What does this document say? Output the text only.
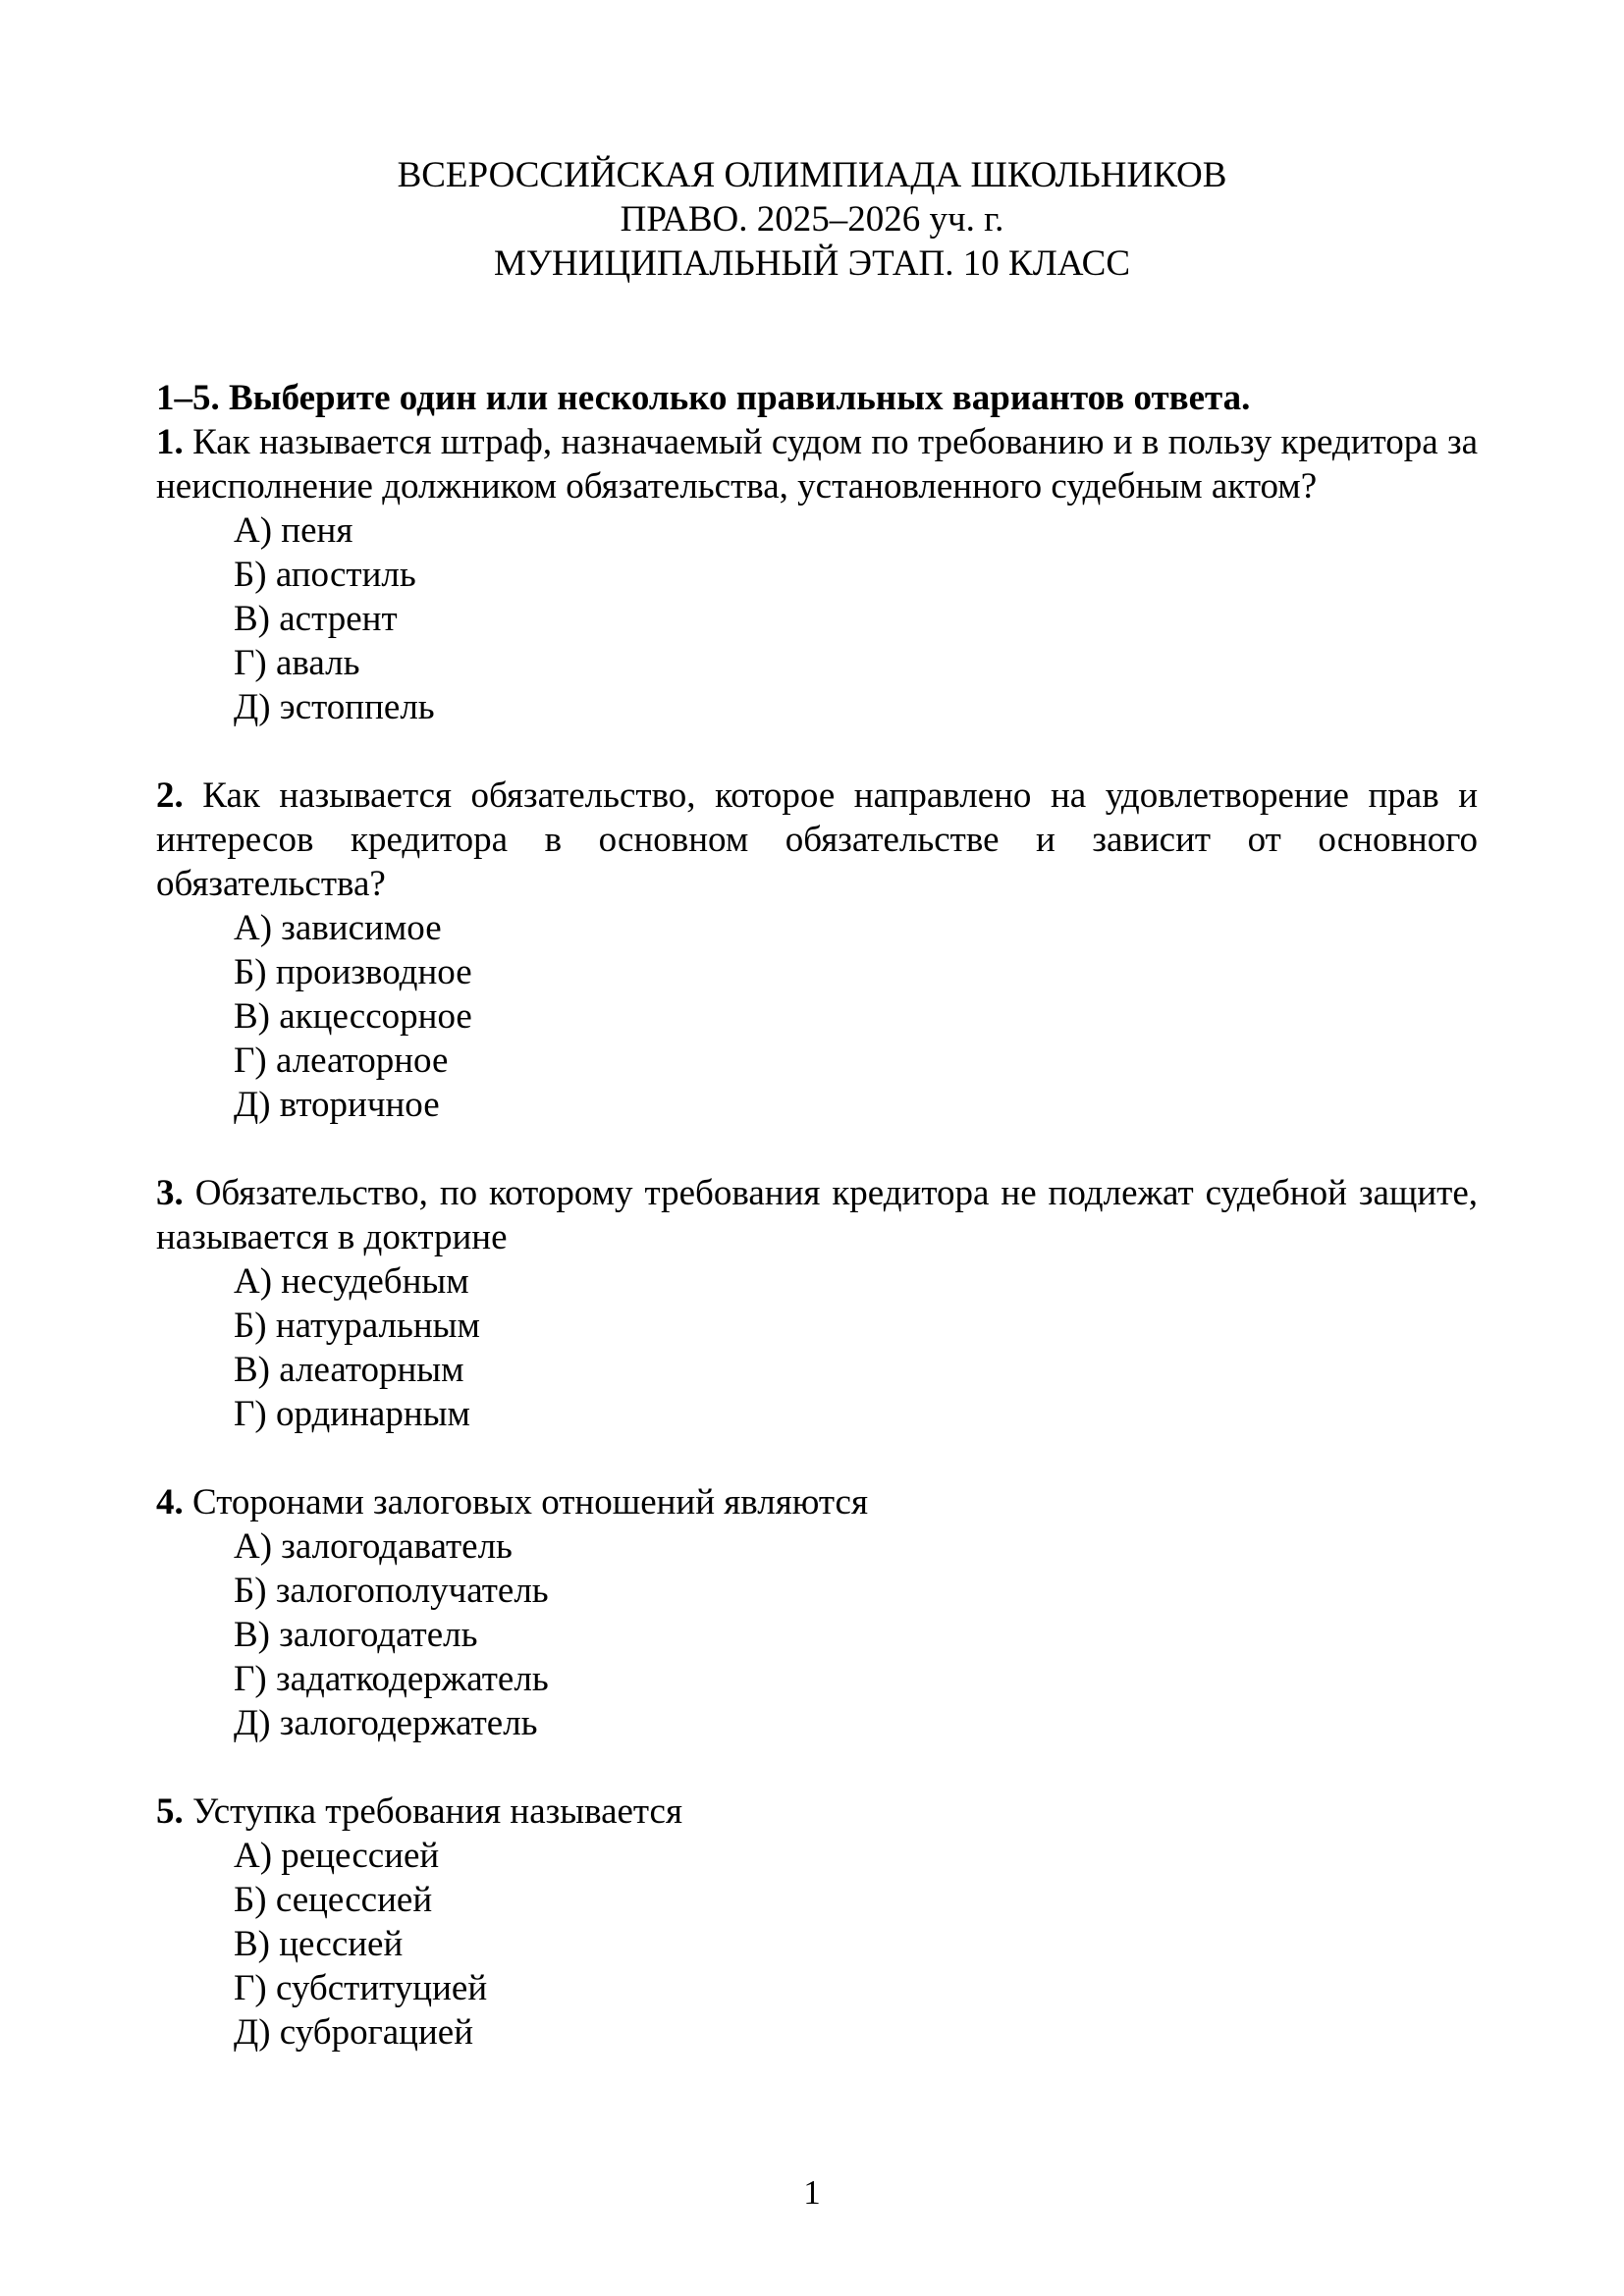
ВСЕРОССИЙСКАЯ ОЛИМПИАДА ШКОЛЬНИКОВ
ПРАВО. 2025–2026 уч. г.
МУНИЦИПАЛЬНЫЙ ЭТАП. 10 КЛАСС
1–5. Выберите один или несколько правильных вариантов ответа.

1. Как называется штраф, назначаемый судом по требованию и в пользу кредитора за неисполнение должником обязательства, установленного судебным актом?

А) пеня
Б) апостиль
В) астрент
Г) аваль
Д) эстоппель

2. Как называется обязательство, которое направлено на удовлетворение прав и интересов кредитора в основном обязательстве и зависит от основного обязательства?

А) зависимое
Б) производное
В) акцессорное
Г) алеаторное
Д) вторичное

3. Обязательство, по которому требования кредитора не подлежат судебной защите, называется в доктрине

А) несудебным
Б) натуральным
В) алеаторным
Г) ординарным

4. Сторонами залоговых отношений являются

А) залогодаватель
Б) залогополучатель
В) залогодатель
Г) задаткодержатель
Д) залогодержатель

5. Уступка требования называется

А) рецессией
Б) сецессией
В) цессией
Г) субституцией
Д) суброгацией
1
